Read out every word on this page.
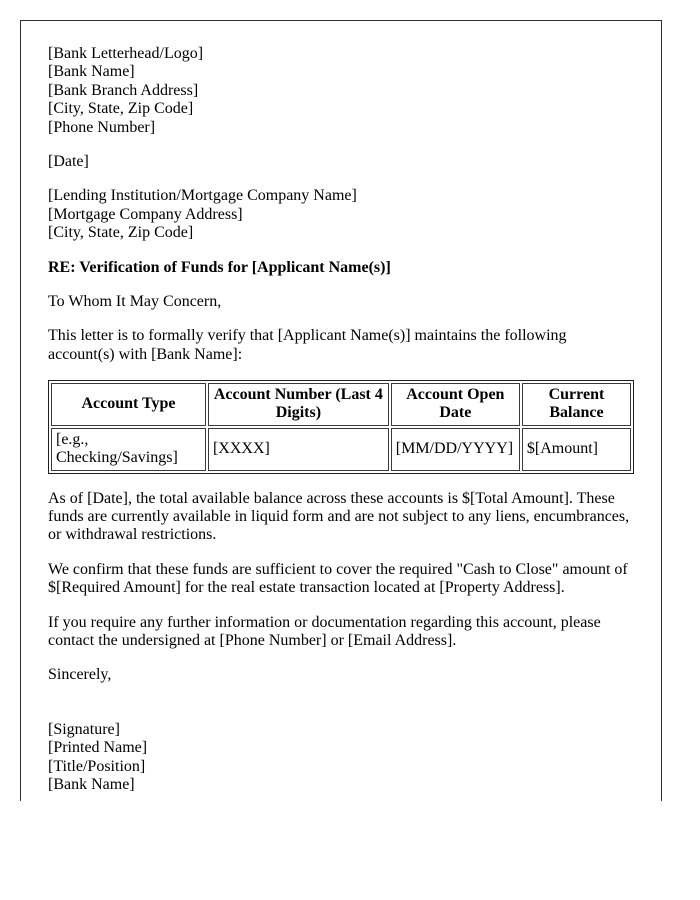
[Bank Letterhead/Logo]
[Bank Name]
[Bank Branch Address]
[City, State, Zip Code]
[Phone Number]
[Date]
[Lending Institution/Mortgage Company Name]
[Mortgage Company Address]
[City, State, Zip Code]

RE: Verification of Funds for [Applicant Name(s)]

To Whom It May Concern,

This letter is to formally verify that [Applicant Name(s)] maintains the following account(s) with [Bank Name]:

Account Type	Account Number (Last 4 Digits)	Account Open Date	Current Balance
[e.g., Checking/Savings]	[XXXX]	[MM/DD/YYYY]	$[Amount]

As of [Date], the total available balance across these accounts is $[Total Amount]. These funds are currently available in liquid form and are not subject to any liens, encumbrances, or withdrawal restrictions.

We confirm that these funds are sufficient to cover the required "Cash to Close" amount of $[Required Amount] for the real estate transaction located at [Property Address].

If you require any further information or documentation regarding this account, please contact the undersigned at [Phone Number] or [Email Address].

Sincerely,

[Signature]
[Printed Name]
[Title/Position]
[Bank Name]
